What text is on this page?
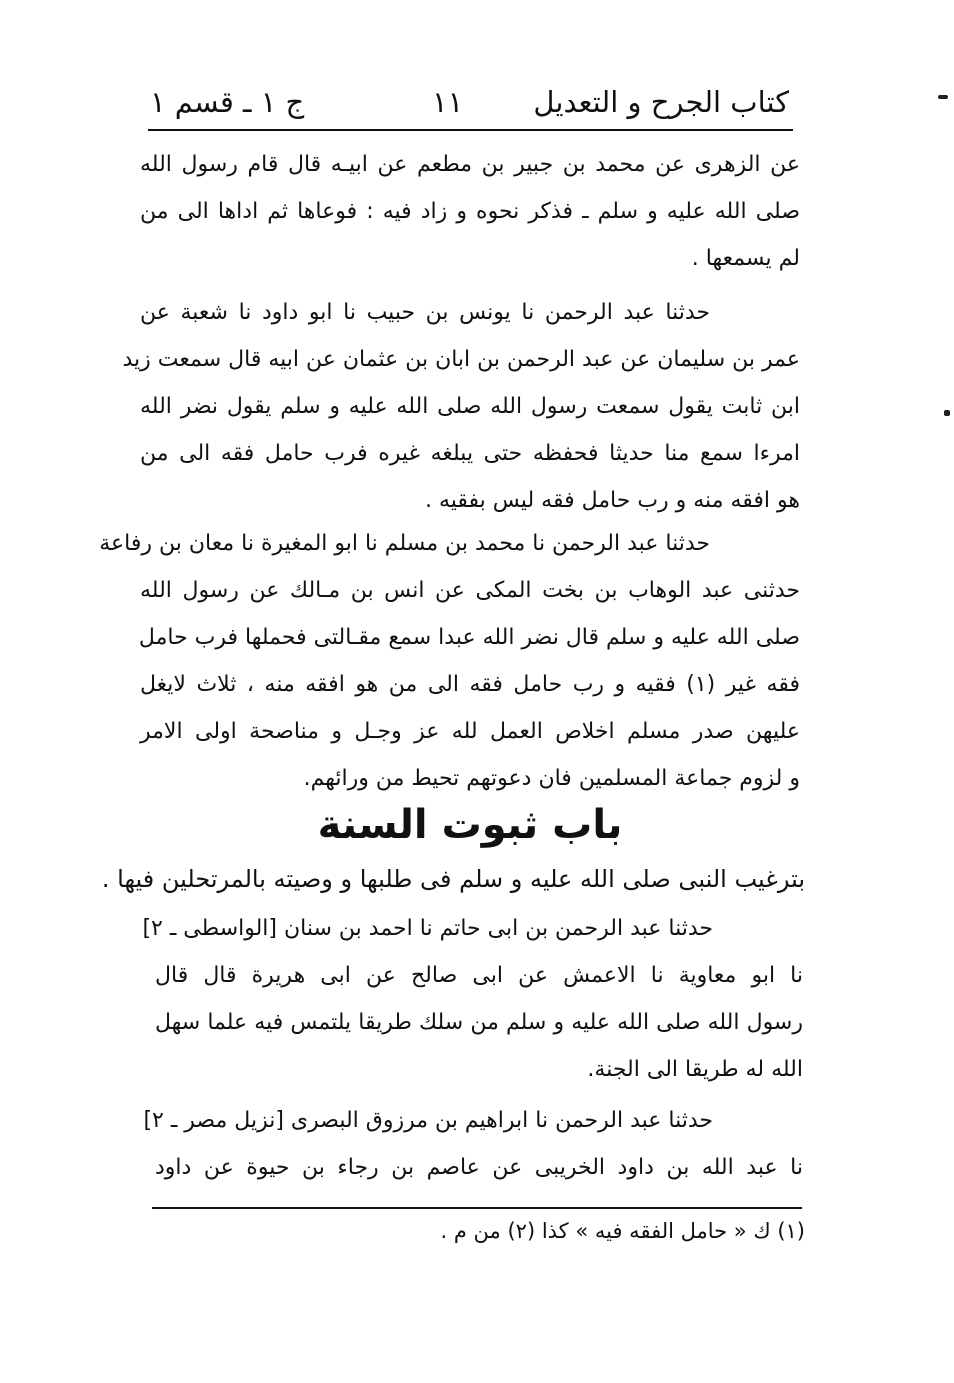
كتاب الجرح و التعديل
١١
ج ١ ـ قسم ١
عن الزهرى عن محمد بن جبير بن مطعم عن ابيـه قال قام رسول الله
صلى الله عليه و سلم ـ فذكر نحوه و زاد فيه : فوعاها ثم اداها الى من
لم يسمعها .
حدثنا عبد الرحمن نا يونس بن حبيب نا ابو داود نا شعبة عن
عمر بن سليمان عن عبد الرحمن بن ابان بن عثمان عن ابيه قال سمعت زيد
ابن ثابت يقول سمعت رسول الله صلى الله عليه و سلم يقول نضر الله
امرءا سمع منا حديثا فحفظه حتى يبلغه غيره فرب حامل فقه الى من
هو افقه منه و رب حامل فقه ليس بفقيه .
حدثنا عبد الرحمن نا محمد بن مسلم نا ابو المغيرة نا معان بن رفاعة
حدثنى عبد الوهاب بن بخت المكى عن انس بن مـالك عن رسول الله
صلى الله عليه و سلم قال نضر الله عبدا سمع مقـالتى فحملها فرب حامل
فقه غير (١) فقيه و رب حامل فقه الى من هو افقه منه ، ثلاث لايغل
عليهن صدر مسلم اخلاص العمل لله عز وجـل و مناصحة اولى الامر
و لزوم جماعة المسلمين فان دعوتهم تحيط من ورائهم.
باب ثبوت السنة
بترغيب النبى صلى الله عليه و سلم فى طلبها و وصيته بالمرتحلين فيها .
حدثنا عبد الرحمن بن ابى حاتم نا احمد بن سنان [الواسطى ـ ٢]
نا ابو معاوية نا الاعمش عن ابى صالح عن ابى هريرة قال قال
رسول الله صلى الله عليه و سلم من سلك طريقا يلتمس فيه علما سهل
الله له طريقا الى الجنة.
حدثنا عبد الرحمن نا ابراهيم بن مرزوق البصرى [نزيل مصر ـ ٢]
نا عبد الله بن داود الخريبى عن عاصم بن رجاء بن حيوة عن داود
(١) ك « حامل الفقه فيه » كذا (٢) من م .
